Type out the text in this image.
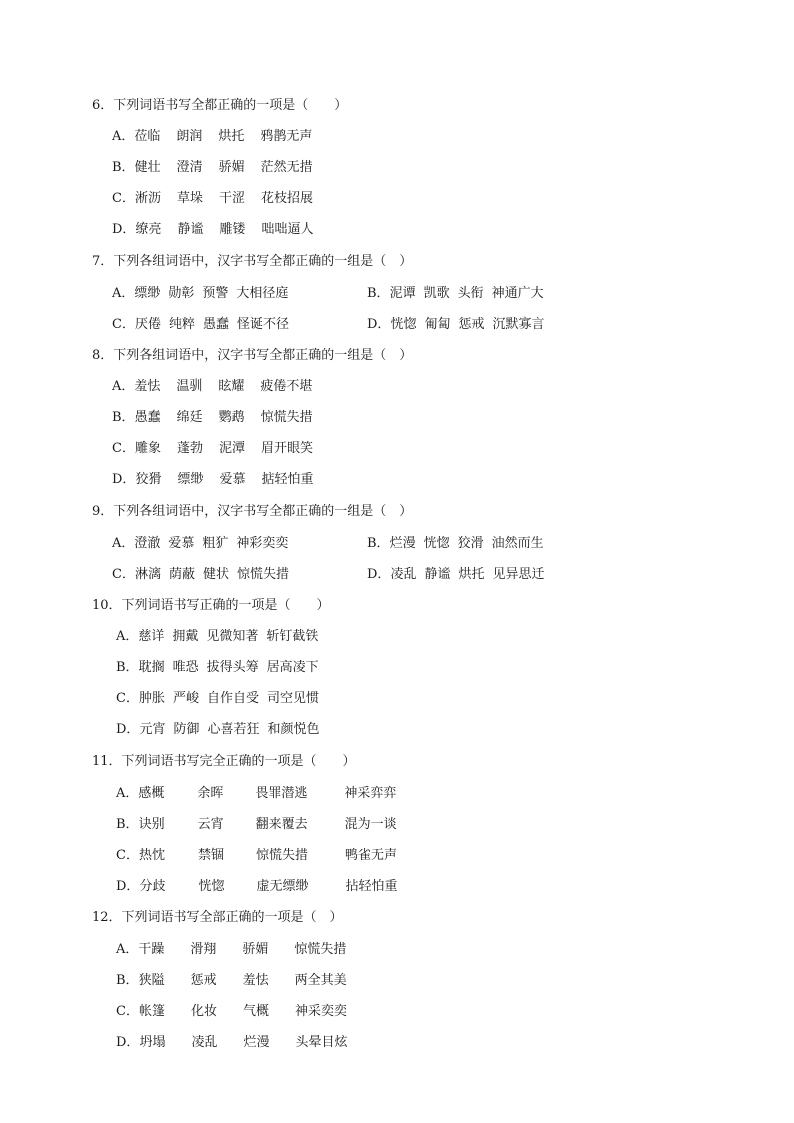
6．下列词语书写全都正确的一项是（　　）
A．莅临 朗润 烘托 鸦鹊无声
B．健壮 澄清 骄媚 茫然无措
C．淅沥 草垛 干涩 花枝招展
D．缭亮 静谧 雕镂 咄咄逼人
7．下列各组词语中，汉字书写全都正确的一组是（　）
A．缥缈 勋彰 预警 大相径庭	B．泥谭 凯歌 头衔 神通广大
C．厌倦 纯粹 愚蠢 怪诞不径	D．恍惚 匍匐 惩戒 沉默寡言
8．下列各组词语中，汉字书写全都正确的一组是（　）
A．羞怯 温驯 眩耀 疲倦不堪
B．愚蠢 绵廷 鹦鹉 惊慌失措
C．雕象 蓬勃 泥潭 眉开眼笑
D．狡猾 缥缈 爱慕 掂轻怕重
9．下列各组词语中，汉字书写全都正确的一组是（　）
A．澄澈 爱慕 粗犷 神彩奕奕	B．烂漫 恍惚 狡滑 油然而生
C．淋漓 荫蔽 健状 惊慌失措	D．凌乱 静谧 烘托 见异思迁
10．下列词语书写正确的一项是（　　）
A．慈详 拥戴 见微知著 斩钉截铁
B．耽搁 唯恐 拔得头筹 居高凌下
C．肿胀 严峻 自作自受 司空见惯
D．元宵 防御 心喜若狂 和颜悦色
11．下列词语书写完全正确的一项是（　　）
A．感概	余晖 畏罪潜逃	神采弈弈
B．诀别	云宵 翻来覆去	混为一谈
C．热忱	禁锢 惊慌失措	鸭雀无声
D．分歧	恍惚 虚无缥缈	拈轻怕重
12．下列词语书写全部正确的一项是（　）
A．干躁 滑翔 骄媚 惊慌失措
B．狭隘 惩戒 羞怯 两全其美
C．帐篷 化妆 气概 神采奕奕
D．坍塌 凌乱 烂漫 头晕目炫
